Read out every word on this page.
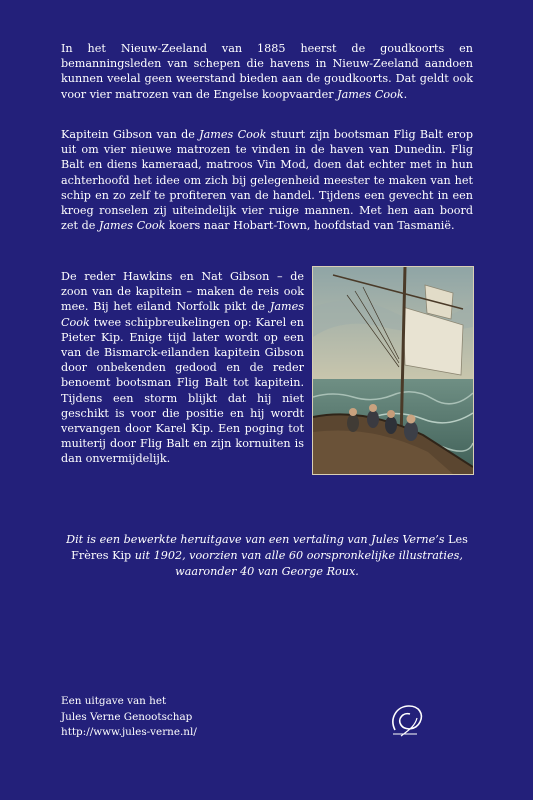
In het Nieuw-Zeeland van 1885 heerst de goudkoorts en bemanningsleden van schepen die havens in Nieuw-Zeeland aandoen kunnen veelal geen weerstand bieden aan de goudkoorts. Dat geldt ook voor vier matrozen van de Engelse koopvaarder James Cook.

Kapitein Gibson van de James Cook stuurt zijn bootsman Flig Balt erop uit om vier nieuwe matrozen te vinden in de haven van Dunedin. Flig Balt en diens kameraad, matroos Vin Mod, doen dat echter met in hun achterhoofd het idee om zich bij gelegenheid meester te maken van het schip en zo zelf te profiteren van de handel. Tijdens een gevecht in een kroeg ronselen zij uiteindelijk vier ruige mannen. Met hen aan boord zet de James Cook koers naar Hobart-Town, hoofdstad van Tasmanië.

De reder Hawkins en Nat Gibson – de zoon van de kapitein – maken de reis ook mee. Bij het eiland Norfolk pikt de James Cook twee schipbreukelingen op: Karel en Pieter Kip. Enige tijd later wordt op een van de Bismarck-eilanden kapitein Gibson door onbekenden gedood en de reder benoemt bootsman Flig Balt tot kapitein. Tijdens een storm blijkt dat hij niet geschikt is voor die positie en hij wordt vervangen door Karel Kip. Een poging tot muiterij door Flig Balt en zijn kornuiten is dan onvermijdelijk.

Dit is een bewerkte heruitgave van een vertaling van Jules Verne’s Les Frères Kip uit 1902, voorzien van alle 60 oorspronkelijke illustraties, waaronder 40 van George Roux.

Een uitgave van het
Jules Verne Genootschap
http://www.jules-verne.nl/
